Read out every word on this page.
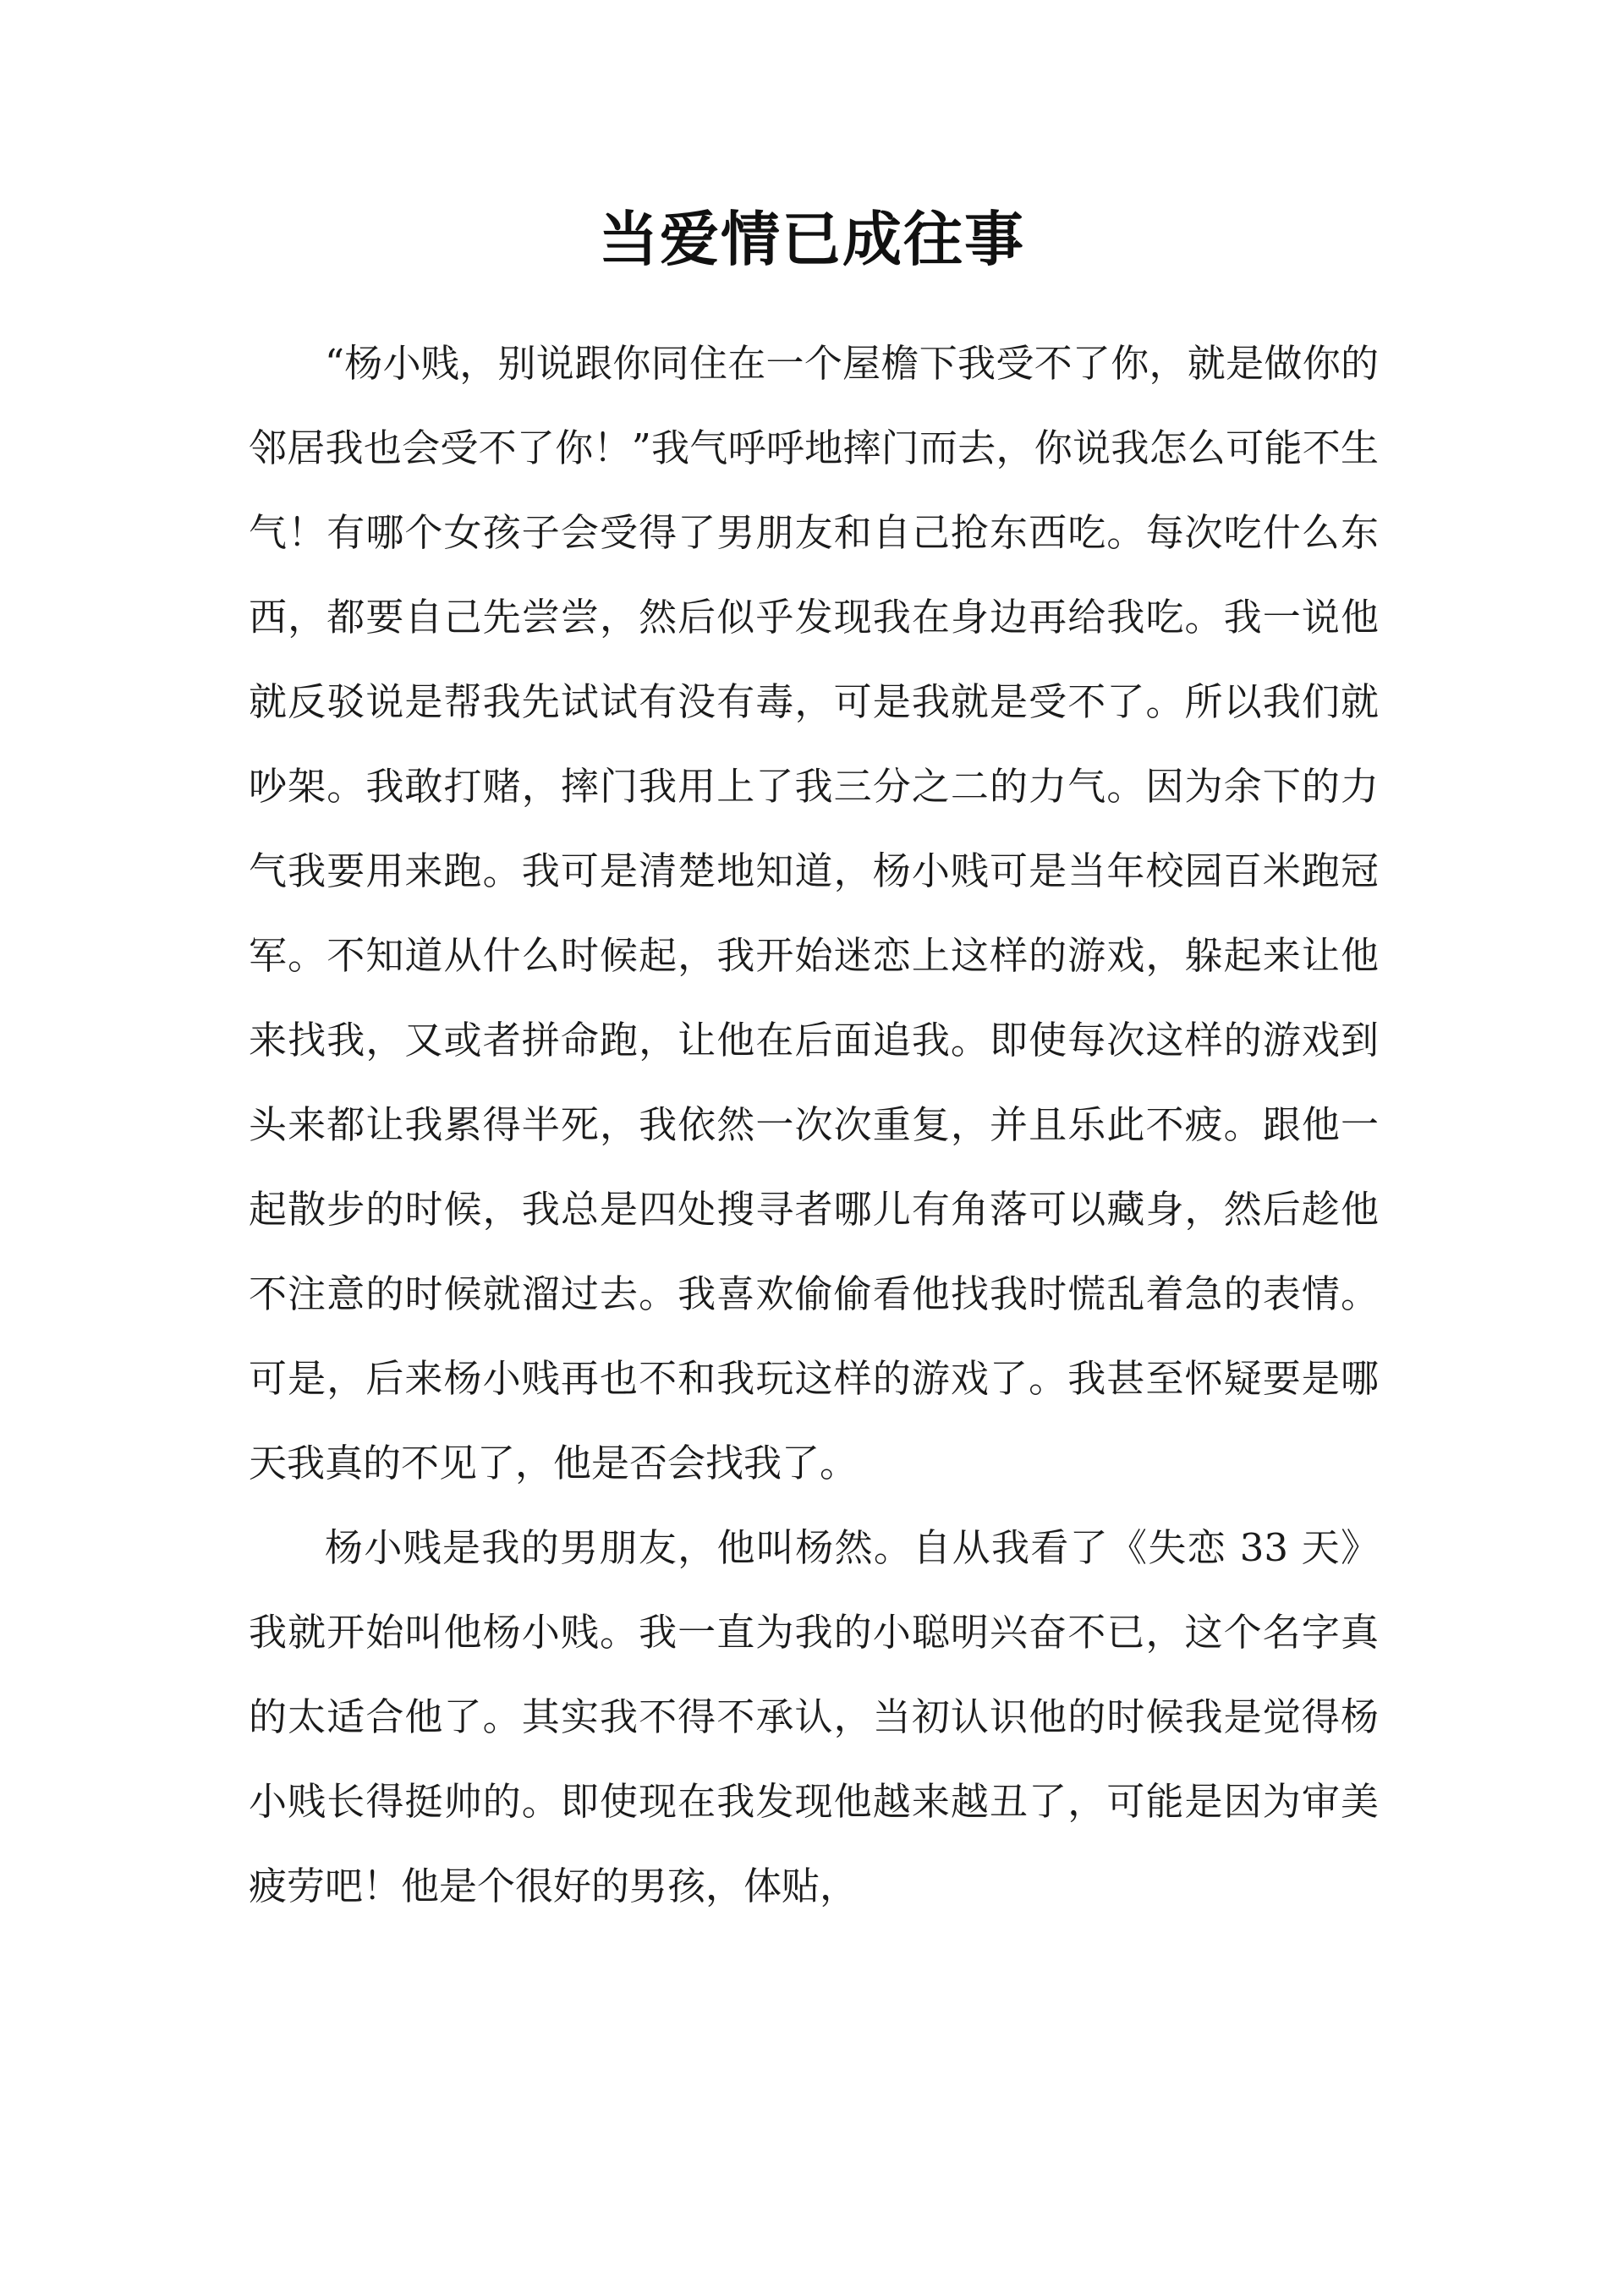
当爱情已成往事

“杨小贱，别说跟你同住在一个屋檐下我受不了你，就是做你的邻居我也会受不了你！”我气呼呼地摔门而去，你说我怎么可能不生气！有哪个女孩子会受得了男朋友和自己抢东西吃。每次吃什么东西，都要自己先尝尝，然后似乎发现我在身边再给我吃。我一说他就反驳说是帮我先试试有没有毒，可是我就是受不了。所以我们就吵架。我敢打赌，摔门我用上了我三分之二的力气。因为余下的力气我要用来跑。我可是清楚地知道，杨小贱可是当年校园百米跑冠军。不知道从什么时候起，我开始迷恋上这样的游戏，躲起来让他来找我，又或者拼命跑，让他在后面追我。即使每次这样的游戏到头来都让我累得半死，我依然一次次重复，并且乐此不疲。跟他一起散步的时候，我总是四处搜寻者哪儿有角落可以藏身，然后趁他不注意的时候就溜过去。我喜欢偷偷看他找我时慌乱着急的表情。可是，后来杨小贱再也不和我玩这样的游戏了。我甚至怀疑要是哪天我真的不见了，他是否会找我了。

杨小贱是我的男朋友，他叫杨然。自从我看了《失恋 33 天》我就开始叫他杨小贱。我一直为我的小聪明兴奋不已，这个名字真的太适合他了。其实我不得不承认，当初认识他的时候我是觉得杨小贱长得挺帅的。即使现在我发现他越来越丑了，可能是因为审美疲劳吧！他是个很好的男孩，体贴，
